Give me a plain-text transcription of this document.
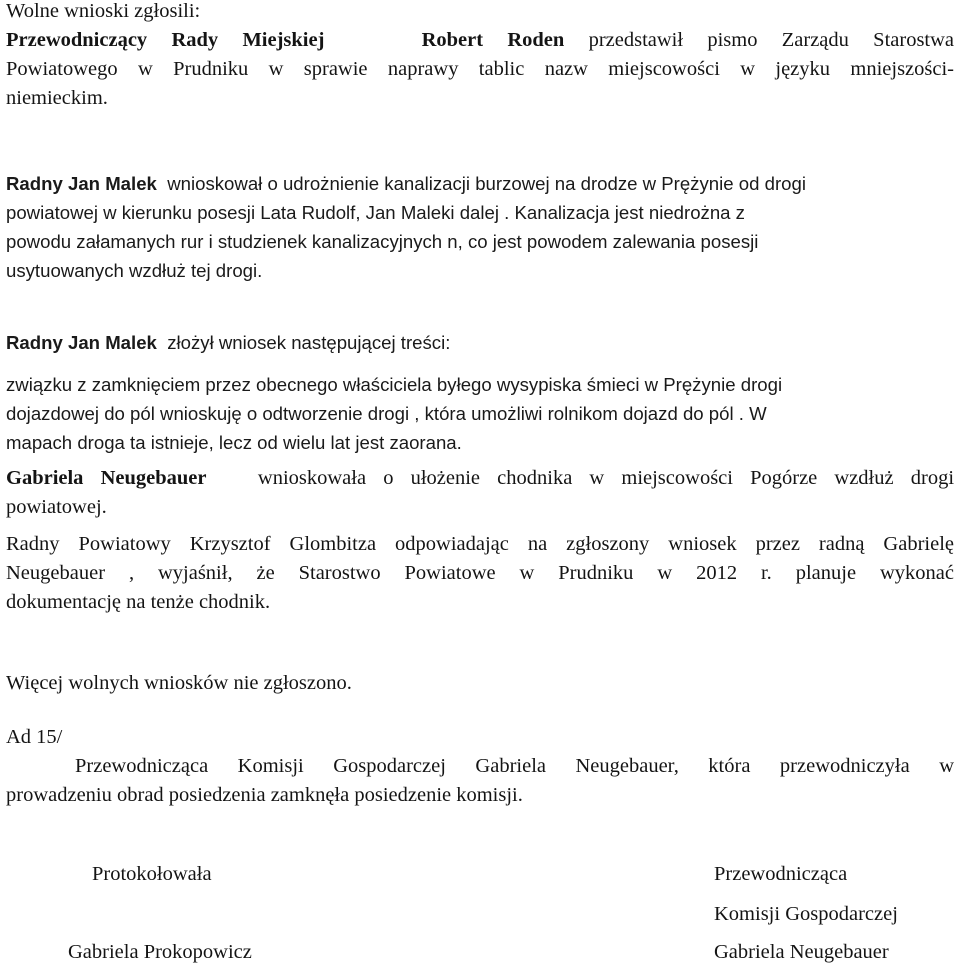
Wolne wnioski zgłosili:
Przewodniczący Rady Miejskiej	Robert Roden przedstawił pismo Zarządu Starostwa
Powiatowego w Prudniku w sprawie naprawy tablic nazw miejscowości w języku mniejszości-
niemieckim.
Radny Jan Malek wnioskował o udrożnienie kanalizacji burzowej na drodze w Prężynie od drogi
powiatowej w kierunku posesji Lata Rudolf, Jan Maleki dalej . Kanalizacja jest niedrożna z
powodu załamanych rur i studzienek kanalizacyjnych n, co jest powodem zalewania posesji
usytuowanych wzdłuż tej drogi.
Radny Jan Malek złożył wniosek następującej treści:
związku z zamknięciem przez obecnego właściciela byłego wysypiska śmieci w Prężynie drogi
dojazdowej do pól wnioskuję o odtworzenie drogi , która umożliwi rolnikom dojazd do pól . W
mapach droga ta istnieje, lecz od wielu lat jest zaorana.
Gabriela Neugebauer	wnioskowała o ułożenie chodnika w miejscowości Pogórze wzdłuż drogi
powiatowej.
Radny Powiatowy Krzysztof Glombitza odpowiadając na zgłoszony wniosek przez radną Gabrielę
Neugebauer , wyjaśnił, że Starostwo Powiatowe w Prudniku w 2012 r. planuje wykonać
dokumentację na tenże chodnik.
Więcej wolnych wniosków nie zgłoszono.
Ad 15/
Przewodnicząca Komisji Gospodarczej Gabriela Neugebauer, która przewodniczyła w
prowadzeniu obrad posiedzenia zamknęła posiedzenie komisji.
Protokołowała
Gabriela Prokopowicz
Przewodnicząca
Komisji Gospodarczej
Gabriela Neugebauer
